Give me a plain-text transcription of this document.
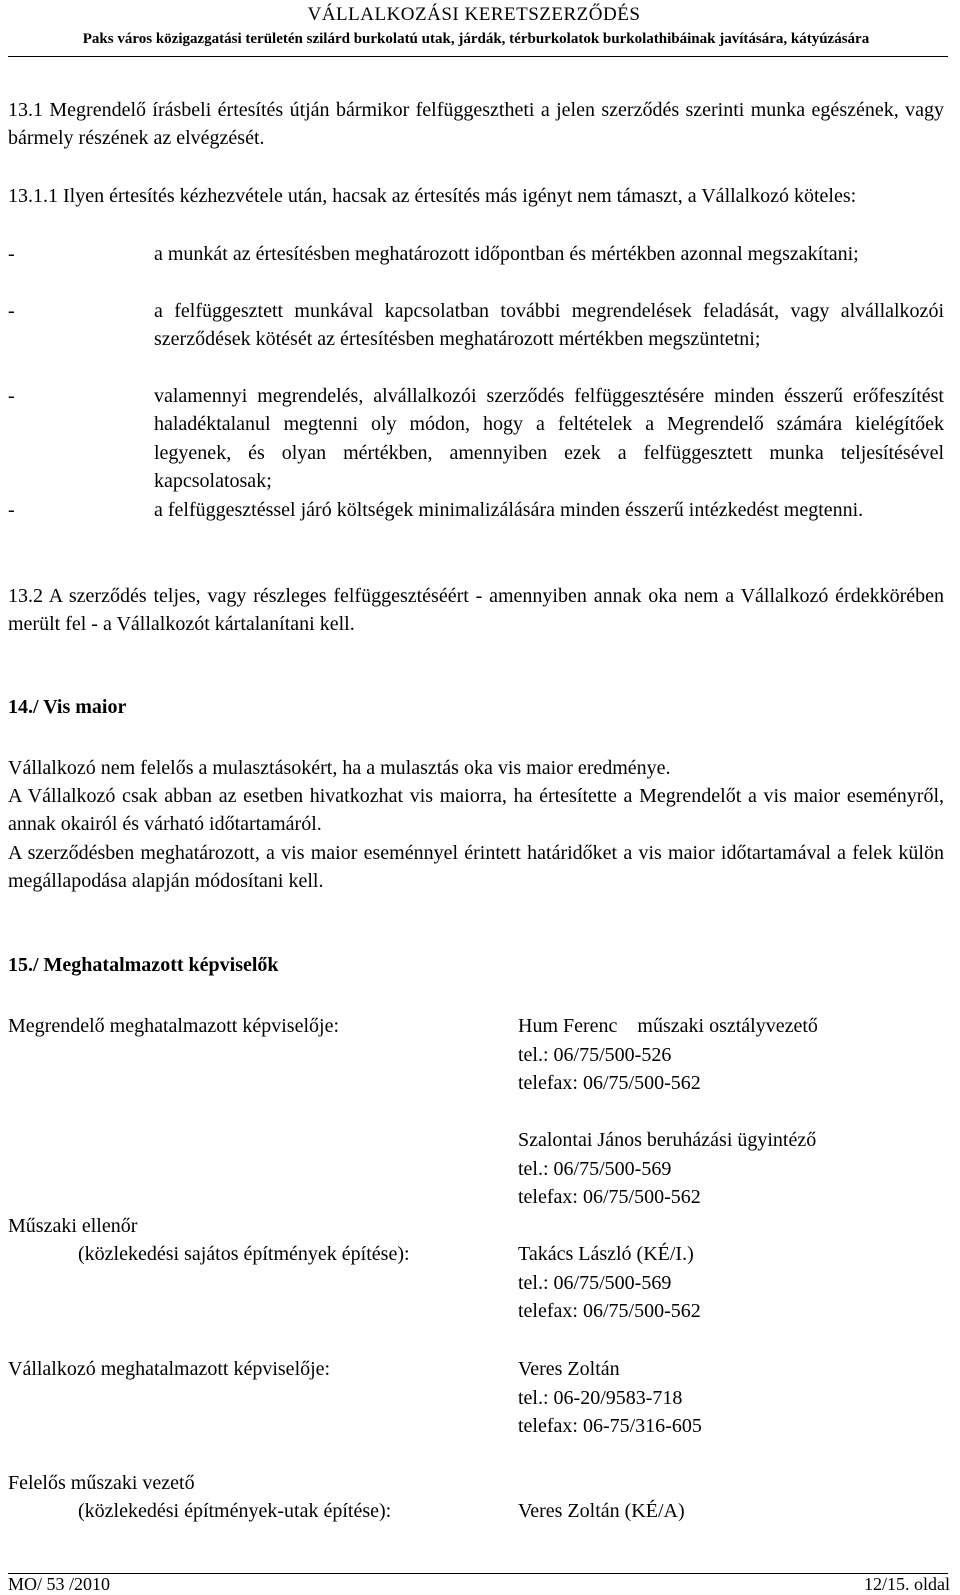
VÁLLALKOZÁSI KERETSZERZŐDÉS
Paks város közigazgatási területén szilárd burkolatú utak, járdák, térburkolatok burkolathibáinak javítására, kátyúzására
13.1 Megrendelő írásbeli értesítés útján bármikor felfüggesztheti a jelen szerződés szerinti munka egészének, vagy bármely részének az elvégzését.
13.1.1 Ilyen értesítés kézhezvétele után, hacsak az értesítés más igényt nem támaszt, a Vállalkozó köteles:
-	a munkát az értesítésben meghatározott időpontban és mértékben azonnal megszakítani;
-	a felfüggesztett munkával kapcsolatban további megrendelések feladását, vagy alvállalkozói szerződések kötését az értesítésben meghatározott mértékben megszüntetni;
-	valamennyi megrendelés, alvállalkozói szerződés felfüggesztésére minden ésszerű erőfeszítést haladéktalanul megtenni oly módon, hogy a feltételek a Megrendelő számára kielégítőek legyenek, és olyan mértékben, amennyiben ezek a felfüggesztett munka teljesítésével kapcsolatosak;
-	a felfüggesztéssel járó költségek minimalizálására minden ésszerű intézkedést megtenni.
13.2 A szerződés teljes, vagy részleges felfüggesztéséért - amennyiben annak oka nem a Vállalkozó érdekkörében merült fel - a Vállalkozót kártalanítani kell.
14./ Vis maior
Vállalkozó nem felelős a mulasztásokért, ha a mulasztás oka vis maior eredménye.
A Vállalkozó csak abban az esetben hivatkozhat vis maiorra, ha értesítette a Megrendelőt a vis maior eseményről, annak okairól és várható időtartamáról.
A szerződésben meghatározott, a vis maior eseménnyel érintett határidőket a vis maior időtartamával a felek külön megállapodása alapján módosítani kell.
15./ Meghatalmazott képviselők
Megrendelő meghatalmazott képviselője:	Hum Ferenc    műszaki osztályvezető
tel.: 06/75/500-526
telefax: 06/75/500-562
Szalontai János beruházási ügyintéző
tel.: 06/75/500-569
telefax: 06/75/500-562
Műszaki ellenőr
(közlekedési sajátos építmények építése):	Takács László (KÉ/I.)
tel.: 06/75/500-569
telefax: 06/75/500-562
Vállalkozó meghatalmazott képviselője:	Veres Zoltán
tel.: 06-20/9583-718
telefax: 06-75/316-605
Felelős műszaki vezető
(közlekedési építmények-utak építése):	Veres Zoltán (KÉ/A)
MO/ 53 /2010	12/15. oldal
